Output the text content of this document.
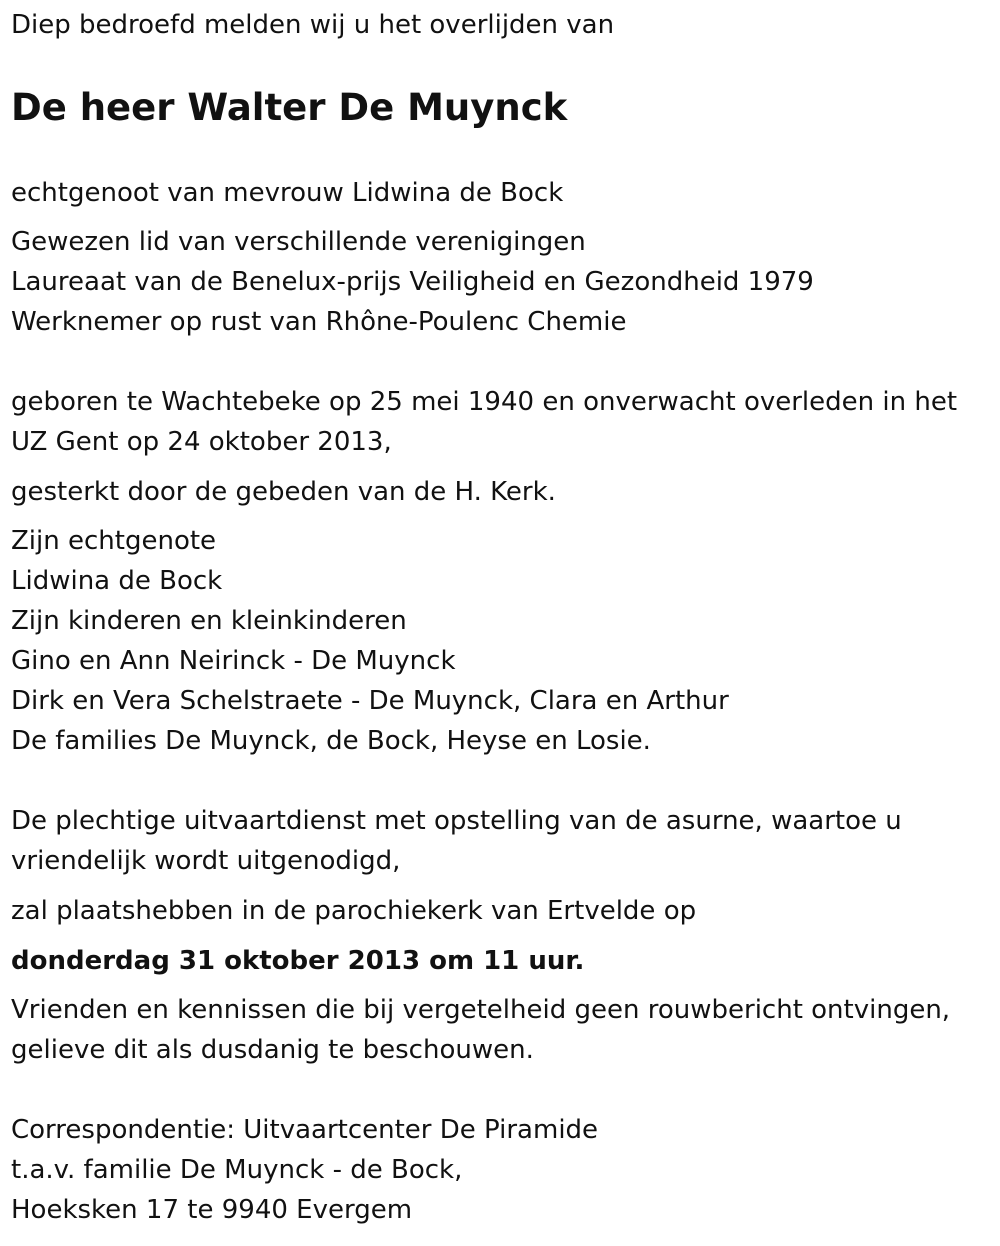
Diep bedroefd melden wij u het overlijden van

De heer Walter De Muynck

echtgenoot van mevrouw Lidwina de Bock

Gewezen lid van verschillende verenigingen

Laureaat van de Benelux-prijs Veiligheid en Gezondheid 1979

Werknemer op rust van Rhône-Poulenc Chemie

geboren te Wachtebeke op 25 mei 1940 en onverwacht overleden in het

UZ Gent op 24 oktober 2013,

gesterkt door de gebeden van de H. Kerk.

Zijn echtgenote

Lidwina de Bock

Zijn kinderen en kleinkinderen

Gino en Ann Neirinck - De Muynck

Dirk en Vera Schelstraete - De Muynck, Clara en Arthur

De families De Muynck, de Bock, Heyse en Losie.

De plechtige uitvaartdienst met opstelling van de asurne, waartoe u

vriendelijk wordt uitgenodigd,

zal plaatshebben in de parochiekerk van Ertvelde op

donderdag 31 oktober 2013 om 11 uur.

Vrienden en kennissen die bij vergetelheid geen rouwbericht ontvingen,

gelieve dit als dusdanig te beschouwen.

Correspondentie: Uitvaartcenter De Piramide

t.a.v. familie De Muynck - de Bock,

Hoeksken 17 te 9940 Evergem
